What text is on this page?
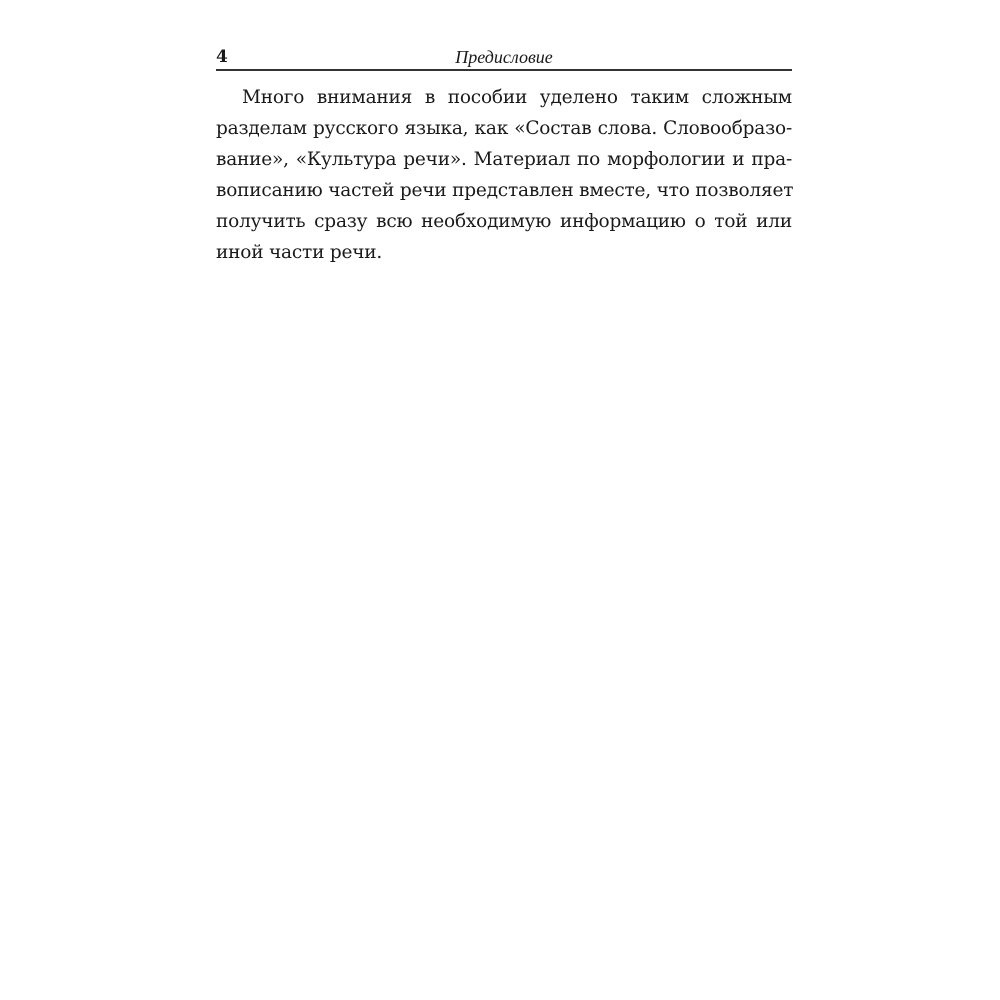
4	Предисловие

Много внимания в пособии уделено таким сложным
разделам русского языка, как «Состав слова. Словообразо-
вание», «Культура речи». Материал по морфологии и пра-
вописанию частей речи представлен вместе, что позволяет
получить сразу всю необходимую информацию о той или
иной части речи.
